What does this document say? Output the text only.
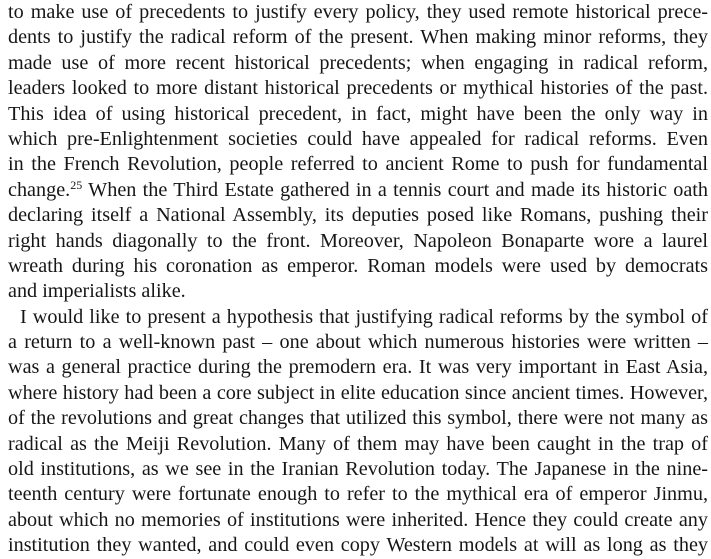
to make use of precedents to justify every policy, they used remote historical prece-
dents to justify the radical reform of the present. When making minor reforms, they
made use of more recent historical precedents; when engaging in radical reform,
leaders looked to more distant historical precedents or mythical histories of the past.
This idea of using historical precedent, in fact, might have been the only way in
which pre-Enlightenment societies could have appealed for radical reforms. Even
in the French Revolution, people referred to ancient Rome to push for fundamental
change.$^{25}$ When the Third Estate gathered in a tennis court and made its historic oath
declaring itself a National Assembly, its deputies posed like Romans, pushing their
right hands diagonally to the front. Moreover, Napoleon Bonaparte wore a laurel
wreath during his coronation as emperor. Roman models were used by democrats
and imperialists alike.
I would like to present a hypothesis that justifying radical reforms by the symbol of
a return to a well-known past – one about which numerous histories were written –
was a general practice during the premodern era. It was very important in East Asia,
where history had been a core subject in elite education since ancient times. However,
of the revolutions and great changes that utilized this symbol, there were not many as
radical as the Meiji Revolution. Many of them may have been caught in the trap of
old institutions, as we see in the Iranian Revolution today. The Japanese in the nine-
teenth century were fortunate enough to refer to the mythical era of emperor Jinmu,
about which no memories of institutions were inherited. Hence they could create any
institution they wanted, and could even copy Western models at will as long as they
